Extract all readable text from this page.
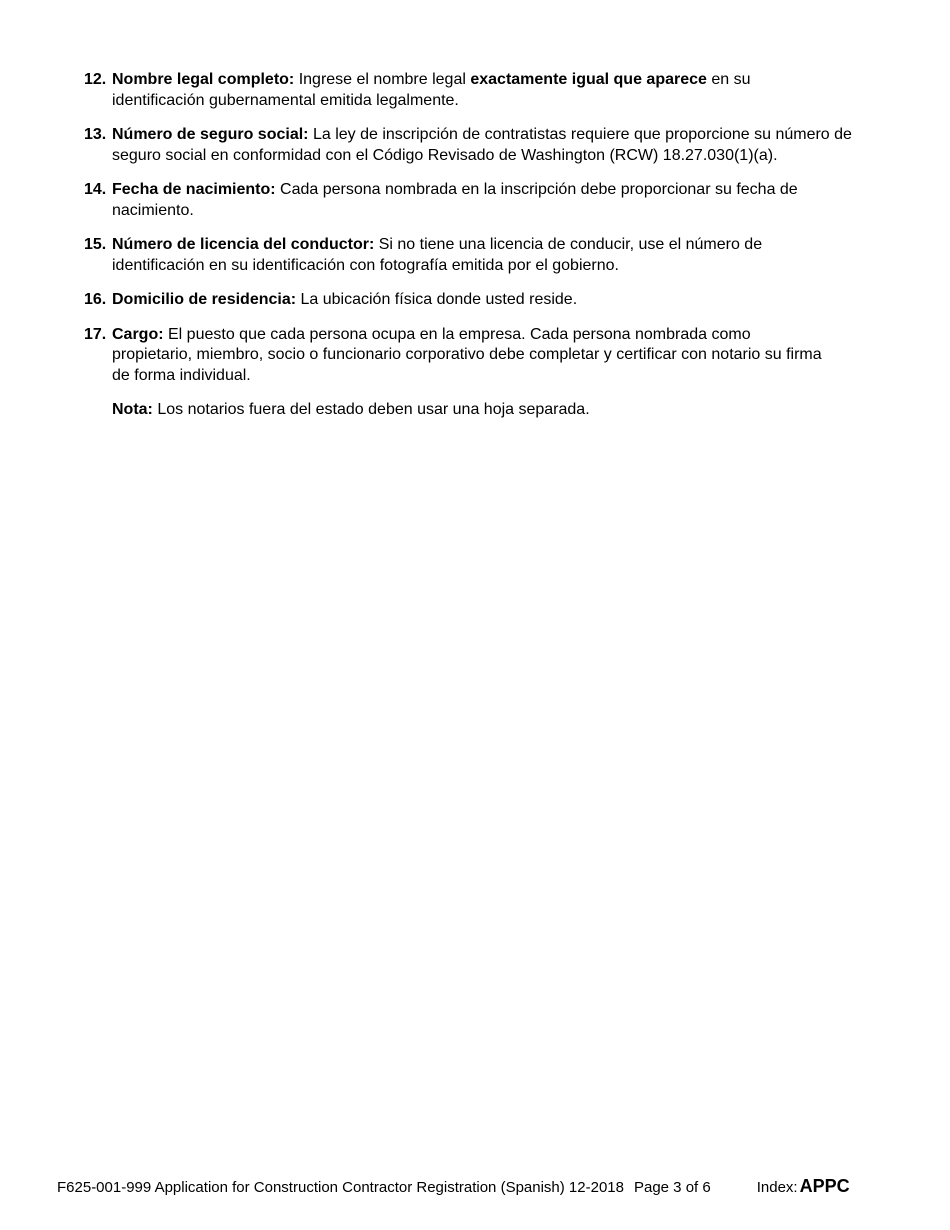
12. Nombre legal completo: Ingrese el nombre legal exactamente igual que aparece en su identificación gubernamental emitida legalmente.
13. Número de seguro social: La ley de inscripción de contratistas requiere que proporcione su número de seguro social en conformidad con el Código Revisado de Washington (RCW) 18.27.030(1)(a).
14. Fecha de nacimiento: Cada persona nombrada en la inscripción debe proporcionar su fecha de nacimiento.
15. Número de licencia del conductor: Si no tiene una licencia de conducir, use el número de identificación en su identificación con fotografía emitida por el gobierno.
16. Domicilio de residencia: La ubicación física donde usted reside.
17. Cargo: El puesto que cada persona ocupa en la empresa. Cada persona nombrada como propietario, miembro, socio o funcionario corporativo debe completar y certificar con notario su firma de forma individual.
Nota: Los notarios fuera del estado deben usar una hoja separada.
F625-001-999 Application for Construction Contractor Registration (Spanish) 12-2018 Page 3 of 6	Index: APPC
